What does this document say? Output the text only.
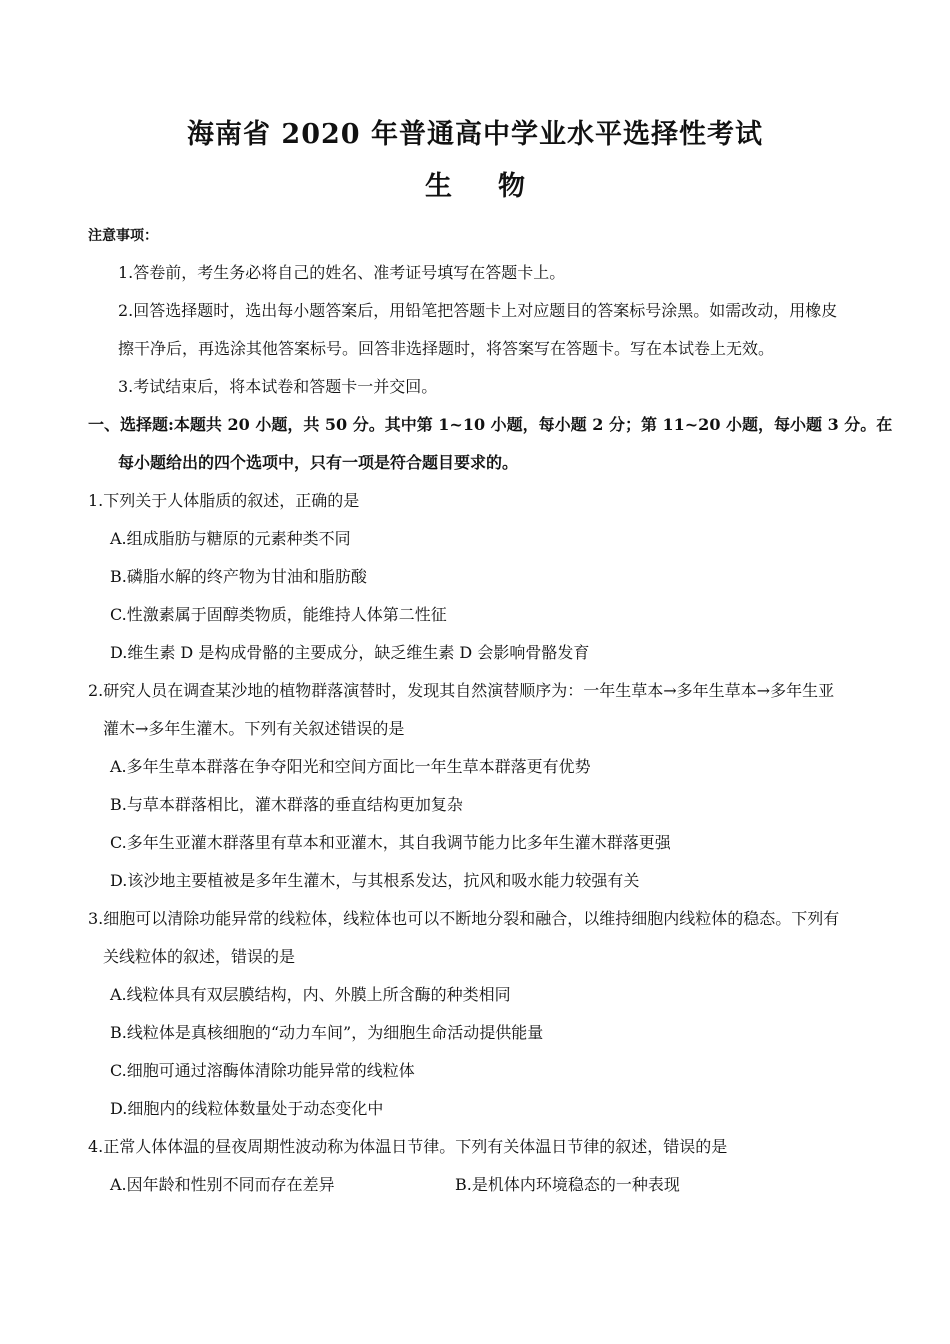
海南省 2020 年普通高中学业水平选择性考试
生物
注意事项：
1.答卷前，考生务必将自己的姓名、准考证号填写在答题卡上。
2.回答选择题时，选出每小题答案后，用铅笔把答题卡上对应题目的答案标号涂黑。如需改动，用橡皮
擦干净后，再选涂其他答案标号。回答非选择题时，将答案写在答题卡。写在本试卷上无效。
3.考试结束后，将本试卷和答题卡一并交回。
一、选择题:本题共 20 小题，共 50 分。其中第 1~10 小题，每小题 2 分；第 11~20 小题，每小题 3 分。在
每小题给出的四个选项中，只有一项是符合题目要求的。
1.下列关于人体脂质的叙述，正确的是
A.组成脂肪与糖原的元素种类不同
B.磷脂水解的终产物为甘油和脂肪酸
C.性激素属于固醇类物质，能维持人体第二性征
D.维生素 D 是构成骨骼的主要成分，缺乏维生素 D 会影响骨骼发育
2.研究人员在调查某沙地的植物群落演替时，发现其自然演替顺序为：一年生草本→多年生草本→多年生亚
灌木→多年生灌木。下列有关叙述错误的是
A.多年生草本群落在争夺阳光和空间方面比一年生草本群落更有优势
B.与草本群落相比，灌木群落的垂直结构更加复杂
C.多年生亚灌木群落里有草本和亚灌木，其自我调节能力比多年生灌木群落更强
D.该沙地主要植被是多年生灌木，与其根系发达，抗风和吸水能力较强有关
3.细胞可以清除功能异常的线粒体，线粒体也可以不断地分裂和融合，以维持细胞内线粒体的稳态。下列有
关线粒体的叙述，错误的是
A.线粒体具有双层膜结构，内、外膜上所含酶的种类相同
B.线粒体是真核细胞的“动力车间”，为细胞生命活动提供能量
C.细胞可通过溶酶体清除功能异常的线粒体
D.细胞内的线粒体数量处于动态变化中
4.正常人体体温的昼夜周期性波动称为体温日节律。下列有关体温日节律的叙述，错误的是
A.因年龄和性别不同而存在差异	B.是机体内环境稳态的一种表现
